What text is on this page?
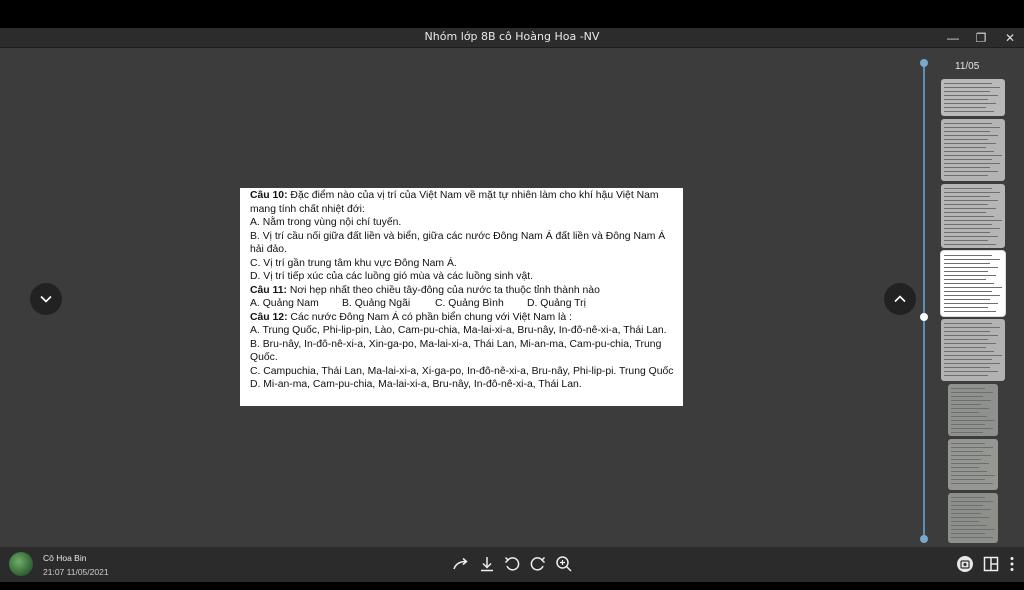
Nhóm lớp 8B cô Hoàng Hoa -NV	—	❐	✕

Câu 10: Đặc điểm nào của vị trí của Việt Nam về mặt tự nhiên làm cho khí hậu Việt Nam mang tính chất nhiệt đới:

A. Nằm trong vùng nội chí tuyến.

B. Vị trí cầu nối giữa đất liền và biển, giữa các nước Đông Nam Á đất liền và Đông Nam Á hải đảo.

C. Vị trí gần trung tâm khu vực Đông Nam Á.

D. Vị trí tiếp xúc của các luồng gió mùa và các luồng sinh vật.

Câu 11: Nơi hẹp nhất theo chiều tây-đông của nước ta thuộc tỉnh thành nào

A. Quảng Nam B. Quảng Ngãi C. Quảng Bình D. Quảng Trị

Câu 12: Các nước Đông Nam Á có phần biển chung với Việt Nam là :

A. Trung Quốc, Phi-lip-pin, Lào, Cam-pu-chia, Ma-lai-xi-a, Bru-nây, In-đô-nê-xi-a, Thái Lan.

B. Bru-nây, In-đô-nê-xi-a, Xin-ga-po, Ma-lai-xi-a, Thái Lan, Mi-an-ma, Cam-pu-chia, Trung Quốc.

C. Campuchia, Thái Lan, Ma-lai-xi-a, Xi-ga-po, In-đô-nê-xi-a, Bru-nây, Phi-lip-pi. Trung Quốc

D. Mi-an-ma, Cam-pu-chia, Ma-lai-xi-a, Bru-nây, In-đô-nê-xi-a, Thái Lan.

11/05
Cô Hoa Bin
21:07 11/05/2021
